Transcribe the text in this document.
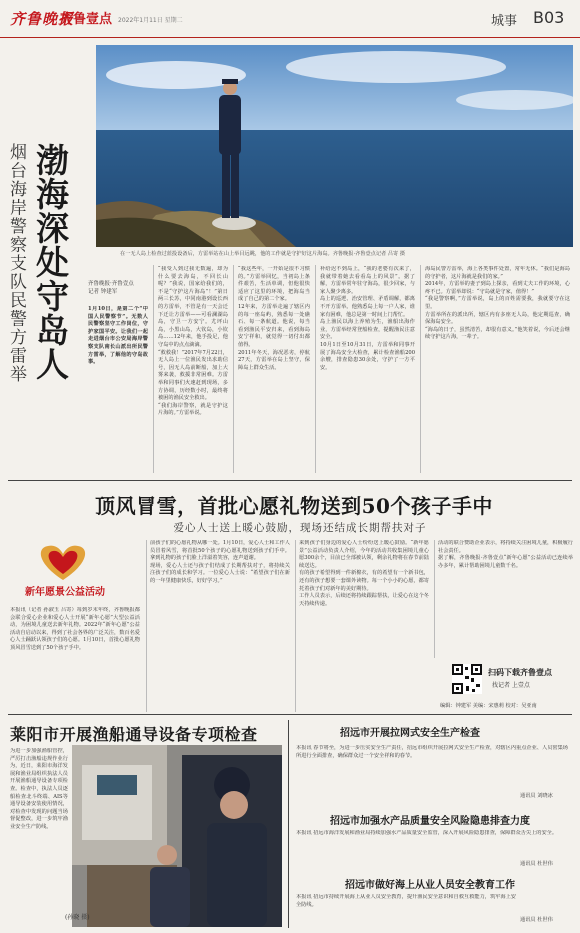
齐鲁晚报
齐鲁壹点 2022年1月11日 星期二	城事 B03
在一无人岛上检查过蓝投设备后，方雷举站在山上举目远眺，他的工作就是守护好这片海岛。齐鲁晚报·齐鲁壹点记者 吕寄 摄
渤海深处守岛人
烟台海岸警察支队民警方雷举	齐鲁晚报·齐鲁壹点
记者 钟建军
1月10日，是第二个“中国人民警察节”。无数人民警察坚守工作岗位，守护家国平安。让我们一起走进烟台市公安局海岸警察支队南长山派出所民警方雷举，了解他的守岛故事。
“我受人到过我无数遍，却为什么要去海岛，不回长山呢？”我说，国家给我们的，不是“守护这片海岛”！”第日两三长苏，中同南港到设长西的方雷举，不管是有一天会迁下迁让方雷举——可看澜湖岛岛，守卫一方安宁。尤坪山岛，小黑山岛，大钦岛，小钦岛……12年来，他手投足，他守岛中的点点滴滴。
“救救我！”2017年7月22日，无人岛上一位渔民发出求助信号，因无人岛前断船，加上大雾来袭，救援非常困难。方雷举和同事们火速赶到现场，多方协调，历经数小时，最终将被困的渔民安全救出。
“我们海岸警察，就是守护这片海的。”方雷举说。
“我这些年，一开始是很不习惯的。”方雷举回忆，当初岛上条件艰苦，生活单调，但他很快适应了这里的环境，把海岛当成了自己的第二个家。
12年来，方雷举走遍了辖区内的每一座岛屿，熟悉每一处礁石、每一条航道。他说，每当看到渔民平安归来，看到海岛安宁祥和，就觉得一切付出都值得。
2011年冬天，海况恶劣，停航27天，方雷举在岛上坚守，保障岛上群众生活。
补给迟不到岛上，“我的老婆有次来了，我就带着她去看看岛上的风景”。据了解，方雷举常年驻守海岛，很少回家，与家人聚少离多。
岛上的巡逻、治安管理、矛盾调解，都离不开方雷举。他熟悉岛上每一户人家，谁家有困难，他总是第一时间上门帮忙。
岛上渔民以海上养殖为生，渔船出海作业，方雷举经常登船检查，提醒渔民注意安全。
10月1日至10月31日，方雷举和同事开展了海岛安全大检查，累计检查渔船200余艘，排查隐患30余处，守护了一方平安。
海岛民警方雷举，海上各类事件处置，常年无休。“我们是海岛的守护者，这片海就是我们的家。”
2014年，方雷举的妻子到岛上探亲，看到丈夫工作的环境，心疼不已。方雷举却说：“守岛就是守家，值得！”
“我是警察啊，”方雷举说，岛上的百姓需要我，我就要守在这里。
方雷举所在的派出所，辖区内有多座无人岛，他定期巡查，确保海岛安全。
“海岛的日子，虽然清苦，却很有意义。”他笑着说，今后还会继续守护这片海，一辈子。
顶风冒雪，首批心愿礼物送到50个孩子手中
爱心人士送上暖心鼓励，现场还结成长期帮扶对子
新年愿景公益活动
本报讯（记者 孙淑玉 吕寄）每到岁末年终，齐鲁晚报都会联合爱心企业和爱心人士开展“新年心愿”大型公益活动，为困境儿童送去新年礼物。2022年“新年心愿”公益活动自启动以来，得到了社会各界的广泛关注，数百名爱心人士踊跃认领孩子们的心愿。1月10日，首批心愿礼物顶风冒雪送到了50个孩子手中。
前孩子们的心愿礼物从哪一处。1月10日，爱心人士和工作人员冒着风雪，将首批50个孩子的心愿礼物送到孩子们手中。拿到礼物的孩子们脸上洋溢着笑容，连声道谢。
现场，爱心人士还与孩子们结成了长期帮扶对子，将持续关注孩子们的成长和学习。一位爱心人士说：“希望孩子们在新的一年里健康快乐，好好学习。”
来到孩子们身边的爱心人士纷纷送上暖心鼓励。“新年愿景”公益活动负责人介绍，今年的活动共收集困境儿童心愿300余个，目前已全部被认领，剩余礼物将在春节前陆续送达。
有的孩子希望得到一件新棉衣，有的希望有一个新书包，还有的孩子想要一套课外读物。每一个小小的心愿，都寄托着孩子们对新年的美好期待。
工作人员表示，后续还将持续跟踪帮扶，让爱心在这个冬天持续传递。
活动的联合赞助企业表示，将持续关注困境儿童，积极履行社会责任。
据了解，齐鲁晚报·齐鲁壹点“新年心愿”公益活动已连续举办多年，累计帮助困境儿童数千名。
扫码下载齐鲁壹点
找记者 上壹点
编辑：钟建军 美编：宋惠莉 校对：吴亚南
莱阳市开展渔船通导设备专项检查
为进一步加强渔船管控，严厉打击渔船违规作业行为，近日，莱阳市海洋发展和渔业局组织执法人员开展渔船通导设备专项检查。检查中，执法人员逐船检查北斗终端、AIS等通导设备安装使用情况，对检查中发现的问题当场督促整改，进一步筑牢渔业安全生产防线。
(孙晓 摄)
招远市开展拉网式安全生产检查
本报讯 春节将至，为进一步压实安全生产责任，招远市组织开展拉网式安全生产检查，对辖区内重点企业、人员密集场所进行全面排查，确保群众过一个安全祥和的春节。
通讯员 刘晓冰
招远市加强水产品质量安全风险隐患排查力度
本报讯 招远市海洋发展和渔业局持续加强水产品质量安全监管，深入开展风险隐患排查，保障群众舌尖上的安全。
通讯员 杜世伟
招远市做好海上从业人员安全教育工作
本报讯 招远市持续开展海上从业人员安全教育，提升渔民安全意识和自救互救能力，筑牢海上安全防线。
通讯员 杜世伟
